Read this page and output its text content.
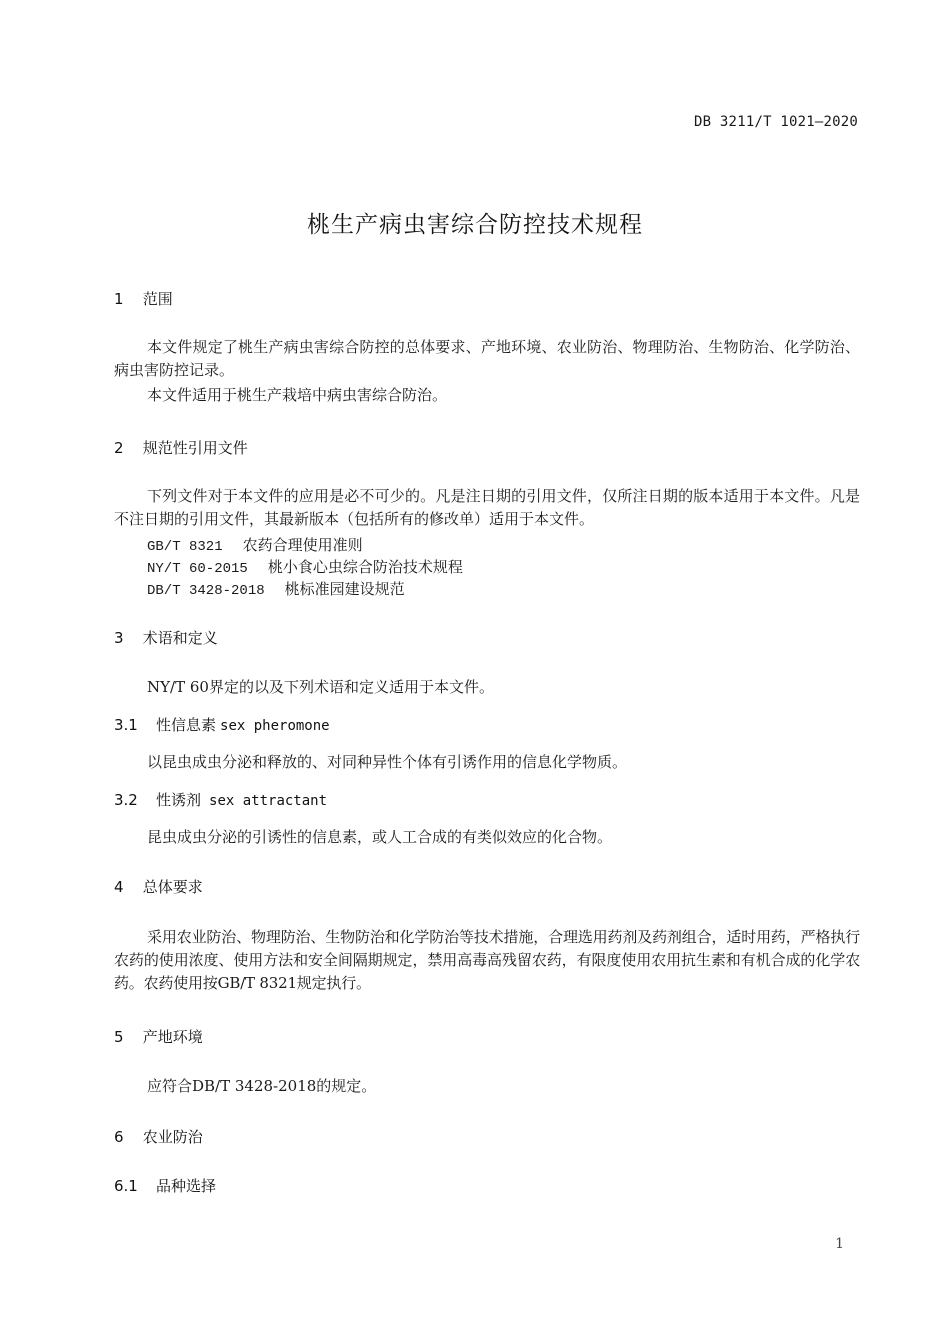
DB 3211/T 1021—2020
桃生产病虫害综合防控技术规程
1 范围
本文件规定了桃生产病虫害综合防控的总体要求、产地环境、农业防治、物理防治、生物防治、化学防治、病虫害防控记录。
本文件适用于桃生产栽培中病虫害综合防治。
2 规范性引用文件
下列文件对于本文件的应用是必不可少的。凡是注日期的引用文件，仅所注日期的版本适用于本文件。凡是不注日期的引用文件，其最新版本（包括所有的修改单）适用于本文件。
GB/T 8321 农药合理使用准则
NY/T 60-2015 桃小食心虫综合防治技术规程
DB/T 3428-2018 桃标准园建设规范
3 术语和定义
NY/T 60界定的以及下列术语和定义适用于本文件。
3.1 性信息素 sex pheromone
以昆虫成虫分泌和释放的、对同种异性个体有引诱作用的信息化学物质。
3.2 性诱剂 sex attractant
昆虫成虫分泌的引诱性的信息素，或人工合成的有类似效应的化合物。
4 总体要求
采用农业防治、物理防治、生物防治和化学防治等技术措施，合理选用药剂及药剂组合，适时用药，严格执行农药的使用浓度、使用方法和安全间隔期规定，禁用高毒高残留农药，有限度使用农用抗生素和有机合成的化学农药。农药使用按GB/T 8321规定执行。
5 产地环境
应符合DB/T 3428-2018的规定。
6 农业防治
6.1 品种选择
1
